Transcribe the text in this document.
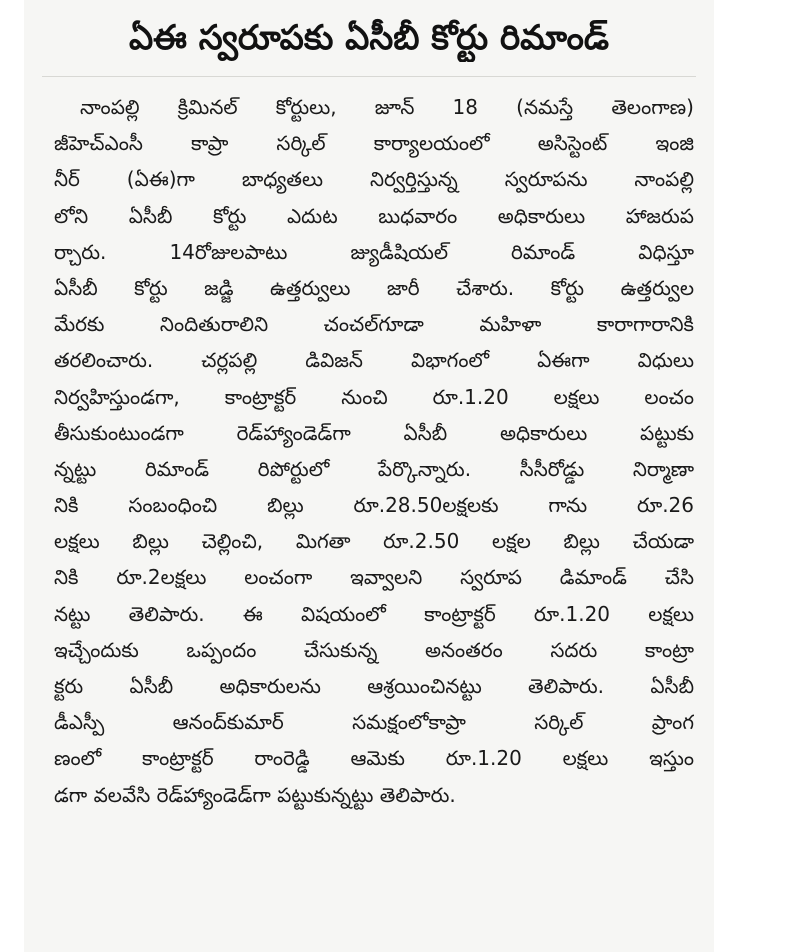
ఏఈ స్వరూపకు ఏసీబీ కోర్టు రిమాండ్
నాంపల్లి క్రిమినల్ కోర్టులు, జూన్ 18 (నమస్తే తెలంగాణ)
జీహెచ్ఎంసీ కాప్రా సర్కిల్ కార్యాలయంలో అసిస్టెంట్ ఇంజి
నీర్ (ఏఈ)గా బాధ్యతలు నిర్వర్తిస్తున్న స్వరూపను నాంపల్లి
లోని ఏసీబీ కోర్టు ఎదుట బుధవారం అధికారులు హాజరుప
ర్చారు. 14రోజులపాటు జ్యుడీషియల్ రిమాండ్ విధిస్తూ
ఏసీబీ కోర్టు జడ్జి ఉత్తర్వులు జారీ చేశారు. కోర్టు ఉత్తర్వుల
మేరకు నిందితురాలిని చంచల్‌గూడా మహిళా కారాగారానికి
తరలించారు. చర్లపల్లి డివిజన్ విభాగంలో ఏఈగా విధులు
నిర్వహిస్తుండగా, కాంట్రాక్టర్ నుంచి రూ.1.20 లక్షలు లంచం
తీసుకుంటుండగా రెడ్‌హ్యాండెడ్‌గా ఏసీబీ అధికారులు పట్టుకు
న్నట్టు రిమాండ్ రిపోర్టులో పేర్కొన్నారు. సీసీరోడ్డు నిర్మాణా
నికి సంబంధించి బిల్లు రూ.28.50లక్షలకు గాను రూ.26
లక్షలు బిల్లు చెల్లించి, మిగతా రూ.2.50 లక్షల బిల్లు చేయడా
నికి రూ.2లక్షలు లంచంగా ఇవ్వాలని స్వరూప డిమాండ్ చేసి
నట్టు తెలిపారు. ఈ విషయంలో కాంట్రాక్టర్ రూ.1.20 లక్షలు
ఇచ్చేందుకు ఒప్పందం చేసుకున్న అనంతరం సదరు కాంట్రా
క్టరు ఏసీబీ అధికారులను ఆశ్రయించినట్టు తెలిపారు. ఏసీబీ
డీఎస్పీ ఆనంద్‌కుమార్ సమక్షంలోకాప్రా సర్కిల్ ప్రాంగ
ణంలో కాంట్రాక్టర్ రాంరెడ్డి ఆమెకు రూ.1.20 లక్షలు ఇస్తుం
డగా వలవేసి రెడ్‌హ్యాండెడ్‌గా పట్టుకున్నట్టు తెలిపారు.
